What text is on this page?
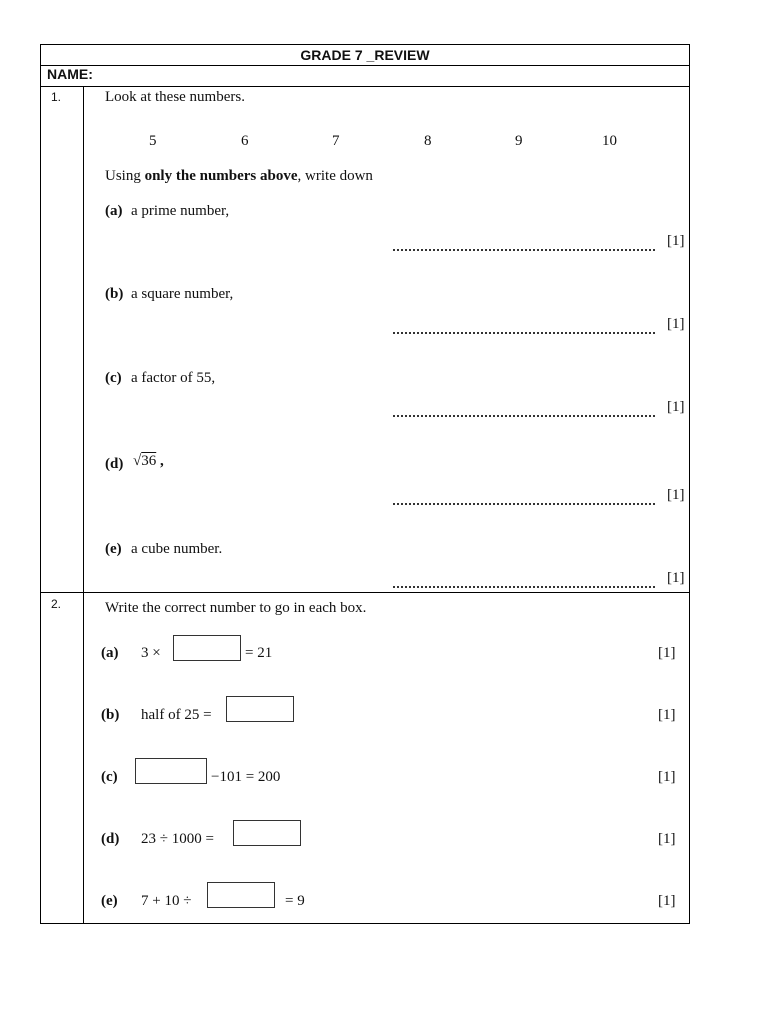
GRADE 7 _REVIEW
NAME:
1.	Look at these numbers.
5	6	7	8	9	10
Using only the numbers above, write down
(a) a prime number,
[1]
(b) a square number,
[1]
(c) a factor of 55,
[1]
(d) √36 ,
[1]
(e) a cube number.
[1]
2.	Write the correct number to go in each box.
(a) 3 ×	= 21	[1]
(b) half of 25 =	[1]
(c)	−101 = 200	[1]
(d) 23 ÷ 1000 =	[1]
(e) 7 + 10 ÷	= 9	[1]
